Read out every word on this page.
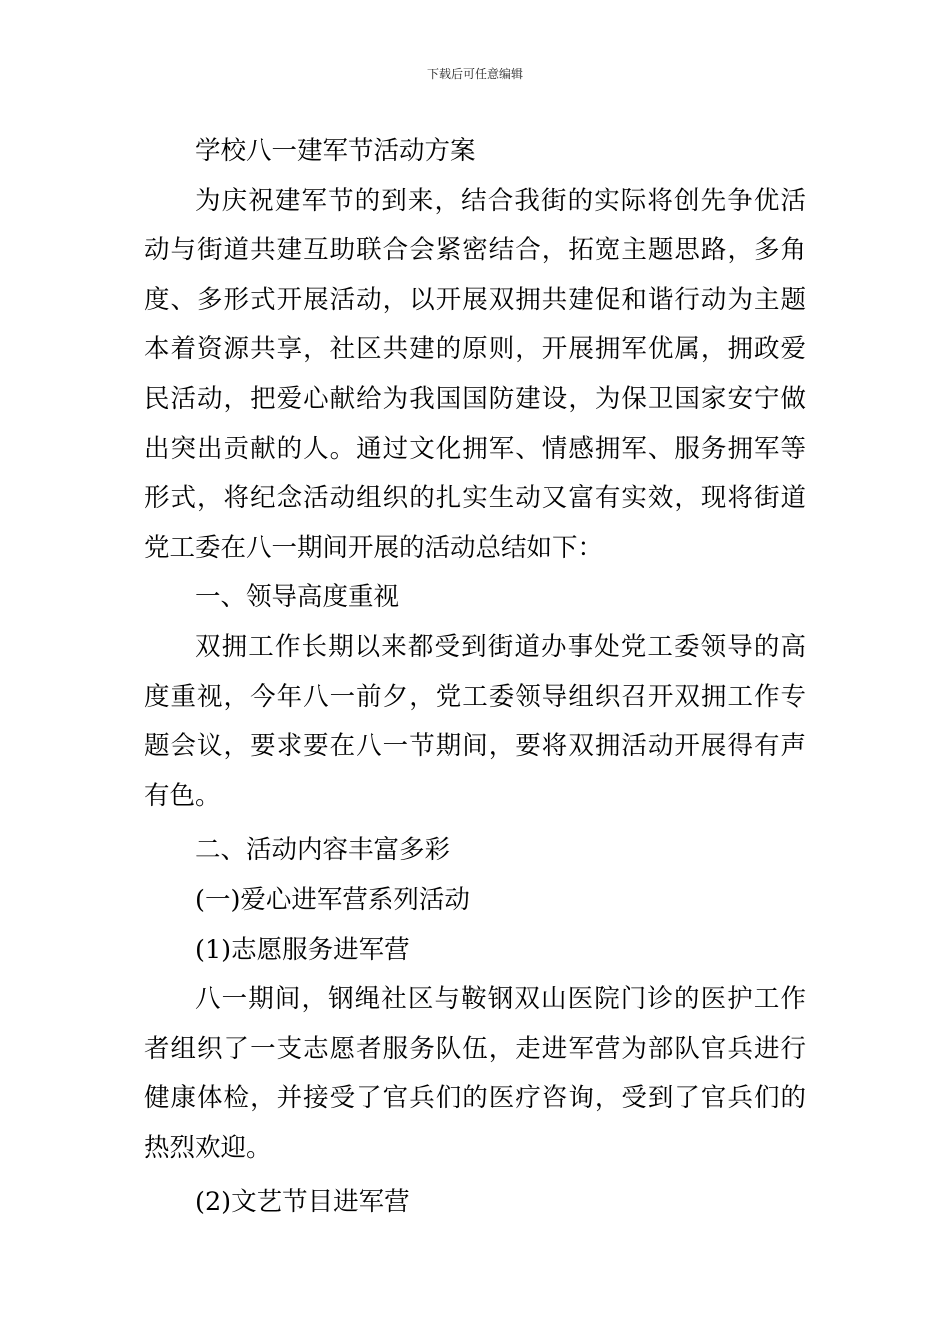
下载后可任意编辑

学校八一建军节活动方案

为庆祝建军节的到来，结合我街的实际将创先争优活动与街道共建互助联合会紧密结合，拓宽主题思路，多角度、多形式开展活动，以开展双拥共建促和谐行动为主题本着资源共享，社区共建的原则，开展拥军优属，拥政爱民活动，把爱心献给为我国国防建设，为保卫国家安宁做出突出贡献的人。通过文化拥军、情感拥军、服务拥军等形式，将纪念活动组织的扎实生动又富有实效，现将街道党工委在八一期间开展的活动总结如下：

一、领导高度重视

双拥工作长期以来都受到街道办事处党工委领导的高度重视，今年八一前夕，党工委领导组织召开双拥工作专题会议，要求要在八一节期间，要将双拥活动开展得有声有色。

二、活动内容丰富多彩

(一)爱心进军营系列活动

(1)志愿服务进军营

八一期间，钢绳社区与鞍钢双山医院门诊的医护工作者组织了一支志愿者服务队伍，走进军营为部队官兵进行健康体检，并接受了官兵们的医疗咨询，受到了官兵们的热烈欢迎。

(2)文艺节目进军营
